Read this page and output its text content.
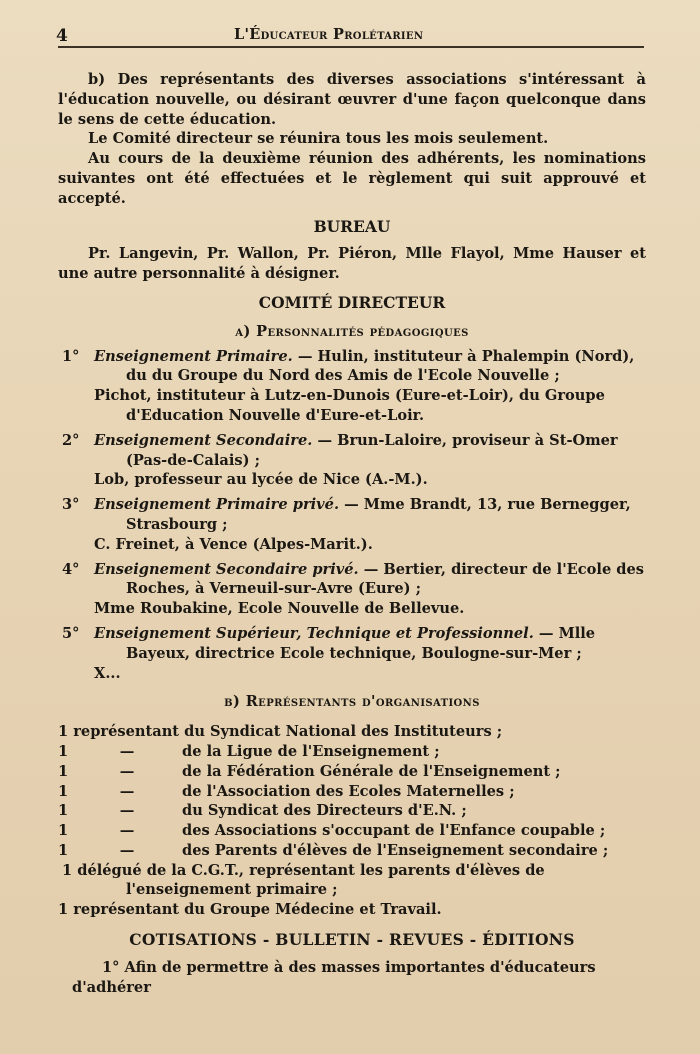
4	L'Éducateur Prolétarien

b) Des représentants des diverses associations s'intéressant à l'éducation nouvelle, ou désirant œuvrer d'une façon quelconque dans le sens de cette éducation.

Le Comité directeur se réunira tous les mois seulement.

Au cours de la deuxième réunion des adhérents, les nominations suivantes ont été effectuées et le règlement qui suit approuvé et accepté.

BUREAU

Pr. Langevin, Pr. Wallon, Pr. Piéron, Mlle Flayol, Mme Hauser et une autre personnalité à désigner.

COMITÉ DIRECTEUR

a) Personnalités pédagogiques

1° Enseignement Primaire. — Hulin, instituteur à Phalempin (Nord), du du Groupe du Nord des Amis de l'Ecole Nouvelle ;

Pichot, instituteur à Lutz-en-Dunois (Eure-et-Loir), du Groupe d'Education Nouvelle d'Eure-et-Loir.

2° Enseignement Secondaire. — Brun-Laloire, proviseur à St-Omer (Pas-de-Calais) ;

Lob, professeur au lycée de Nice (A.-M.).

3° Enseignement Primaire privé. — Mme Brandt, 13, rue Bernegger, Strasbourg ;

C. Freinet, à Vence (Alpes-Marit.).

4° Enseignement Secondaire privé. — Bertier, directeur de l'Ecole des Roches, à Verneuil-sur-Avre (Eure) ;

Mme Roubakine, Ecole Nouvelle de Bellevue.

5° Enseignement Supérieur, Technique et Professionnel. — Mlle Bayeux, directrice Ecole technique, Boulogne-sur-Mer ;

X...

b) Représentants d'organisations

1 représentant du Syndicat National des Instituteurs ;

1	—	de la Ligue de l'Enseignement ;
1	—	de la Fédération Générale de l'Enseignement ;
1	—	de l'Association des Ecoles Maternelles ;
1	—	du Syndicat des Directeurs d'E.N. ;
1	—	des Associations s'occupant de l'Enfance coupable ;
1	—	des Parents d'élèves de l'Enseignement secondaire ;

1 délégué de la C.G.T., représentant les parents d'élèves de l'enseignement primaire ;

1 représentant du Groupe Médecine et Travail.

COTISATIONS - BULLETIN - REVUES - ÉDITIONS

1° Afin de permettre à des masses importantes d'éducateurs d'adhérer
